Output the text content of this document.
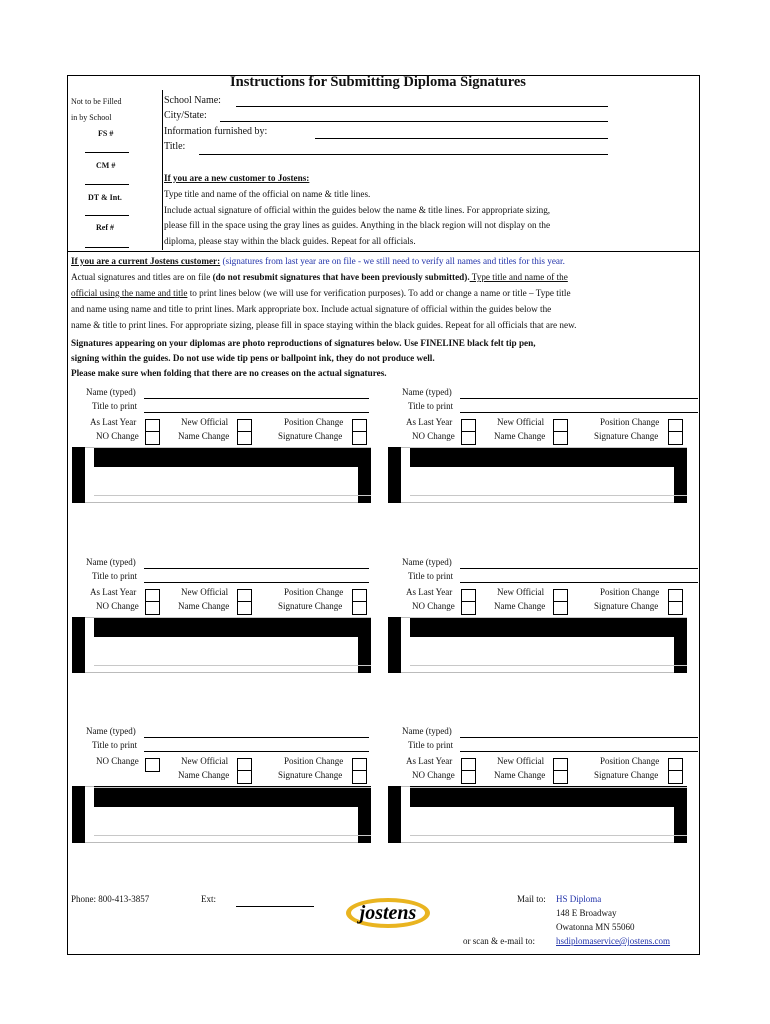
Instructions for Submitting Diploma Signatures
Not to be Filled
in by School
FS #
CM #
DT & Int.
Ref #
School Name:
City/State:
Information furnished by:
Title:
If you are a new customer to Jostens:
Type title and name of the official on name & title lines.
Include actual signature of official within the guides below the name & title lines. For appropriate sizing,
please fill in the space using the gray lines as guides. Anything in the black region will not display on the
diploma, please stay within the black guides. Repeat for all officials.
If you are a current Jostens customer: (signatures from last year are on file - we still need to verify all names and titles for this year.
Actual signatures and titles are on file (do not resubmit signatures that have been previously submitted). Type title and name of the
official using the name and title to print lines below (we will use for verification purposes). To add or change a name or title – Type title
and name using name and title to print lines. Mark appropriate box. Include actual signature of official within the guides below the
name & title to print lines. For appropriate sizing, please fill in space staying within the black guides. Repeat for all officials that are new.
Signatures appearing on your diplomas are photo reproductions of signatures below. Use FINELINE black felt tip pen,
signing within the guides. Do not use wide tip pens or ballpoint ink, they do not produce well.
Please make sure when folding that there are no creases on the actual signatures.
Name (typed)
Title to print
As Last Year
NO Change
New Official
Name Change
Position Change
Signature Change
Name (typed)
Title to print
As Last Year
NO Change
New Official
Name Change
Position Change
Signature Change
Name (typed)
Title to print
As Last Year
NO Change
New Official
Name Change
Position Change
Signature Change
Name (typed)
Title to print
As Last Year
NO Change
New Official
Name Change
Position Change
Signature Change
Name (typed)
Title to print
NO Change	New Official
Name Change
Position Change
Signature Change
Name (typed)
Title to print
As Last Year
NO Change
New Official
Name Change
Position Change
Signature Change
Phone: 800-413-3857	Ext:
jostens
Mail to: HS Diploma
148 E Broadway
Owatonna MN 55060
or scan & e-mail to: hsdiplomaservice@jostens.com
